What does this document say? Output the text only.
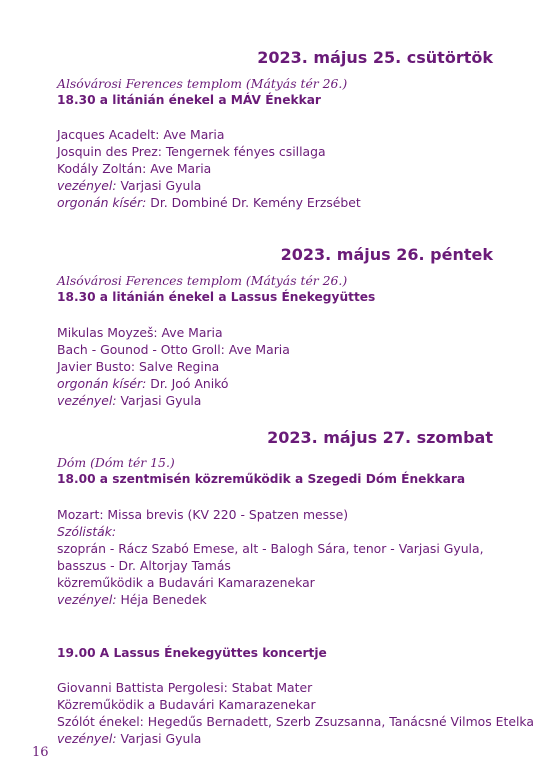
2023. május 25. csütörtök
Alsóvárosi Ferences templom (Mátyás tér 26.)
18.30 a litánián énekel a MÁV Énekkar
Jacques Acadelt: Ave Maria
Josquin des Prez: Tengernek fényes csillaga
Kodály Zoltán: Ave Maria
vezényel: Varjasi Gyula
orgonán kísér: Dr. Dombiné Dr. Kemény Erzsébet
2023. május 26. péntek
Alsóvárosi Ferences templom (Mátyás tér 26.)
18.30 a litánián énekel a Lassus Énekegyüttes
Mikulas Moyzeš: Ave Maria
Bach - Gounod - Otto Groll: Ave Maria
Javier Busto: Salve Regina
orgonán kísér: Dr. Joó Anikó
vezényel: Varjasi Gyula
2023. május 27. szombat
Dóm (Dóm tér 15.)
18.00 a szentmisén közreműködik a Szegedi Dóm Énekkara
Mozart: Missa brevis (KV 220 - Spatzen messe)
Szólisták:
szoprán - Rácz Szabó Emese, alt - Balogh Sára, tenor - Varjasi Gyula,
basszus - Dr. Altorjay Tamás
közreműködik a Budavári Kamarazenekar
vezényel: Héja Benedek
19.00 A Lassus Énekegyüttes koncertje
Giovanni Battista Pergolesi: Stabat Mater
Közreműködik a Budavári Kamarazenekar
Szólót énekel: Hegedűs Bernadett, Szerb Zsuzsanna, Tanácsné Vilmos Etelka
vezényel: Varjasi Gyula
16
